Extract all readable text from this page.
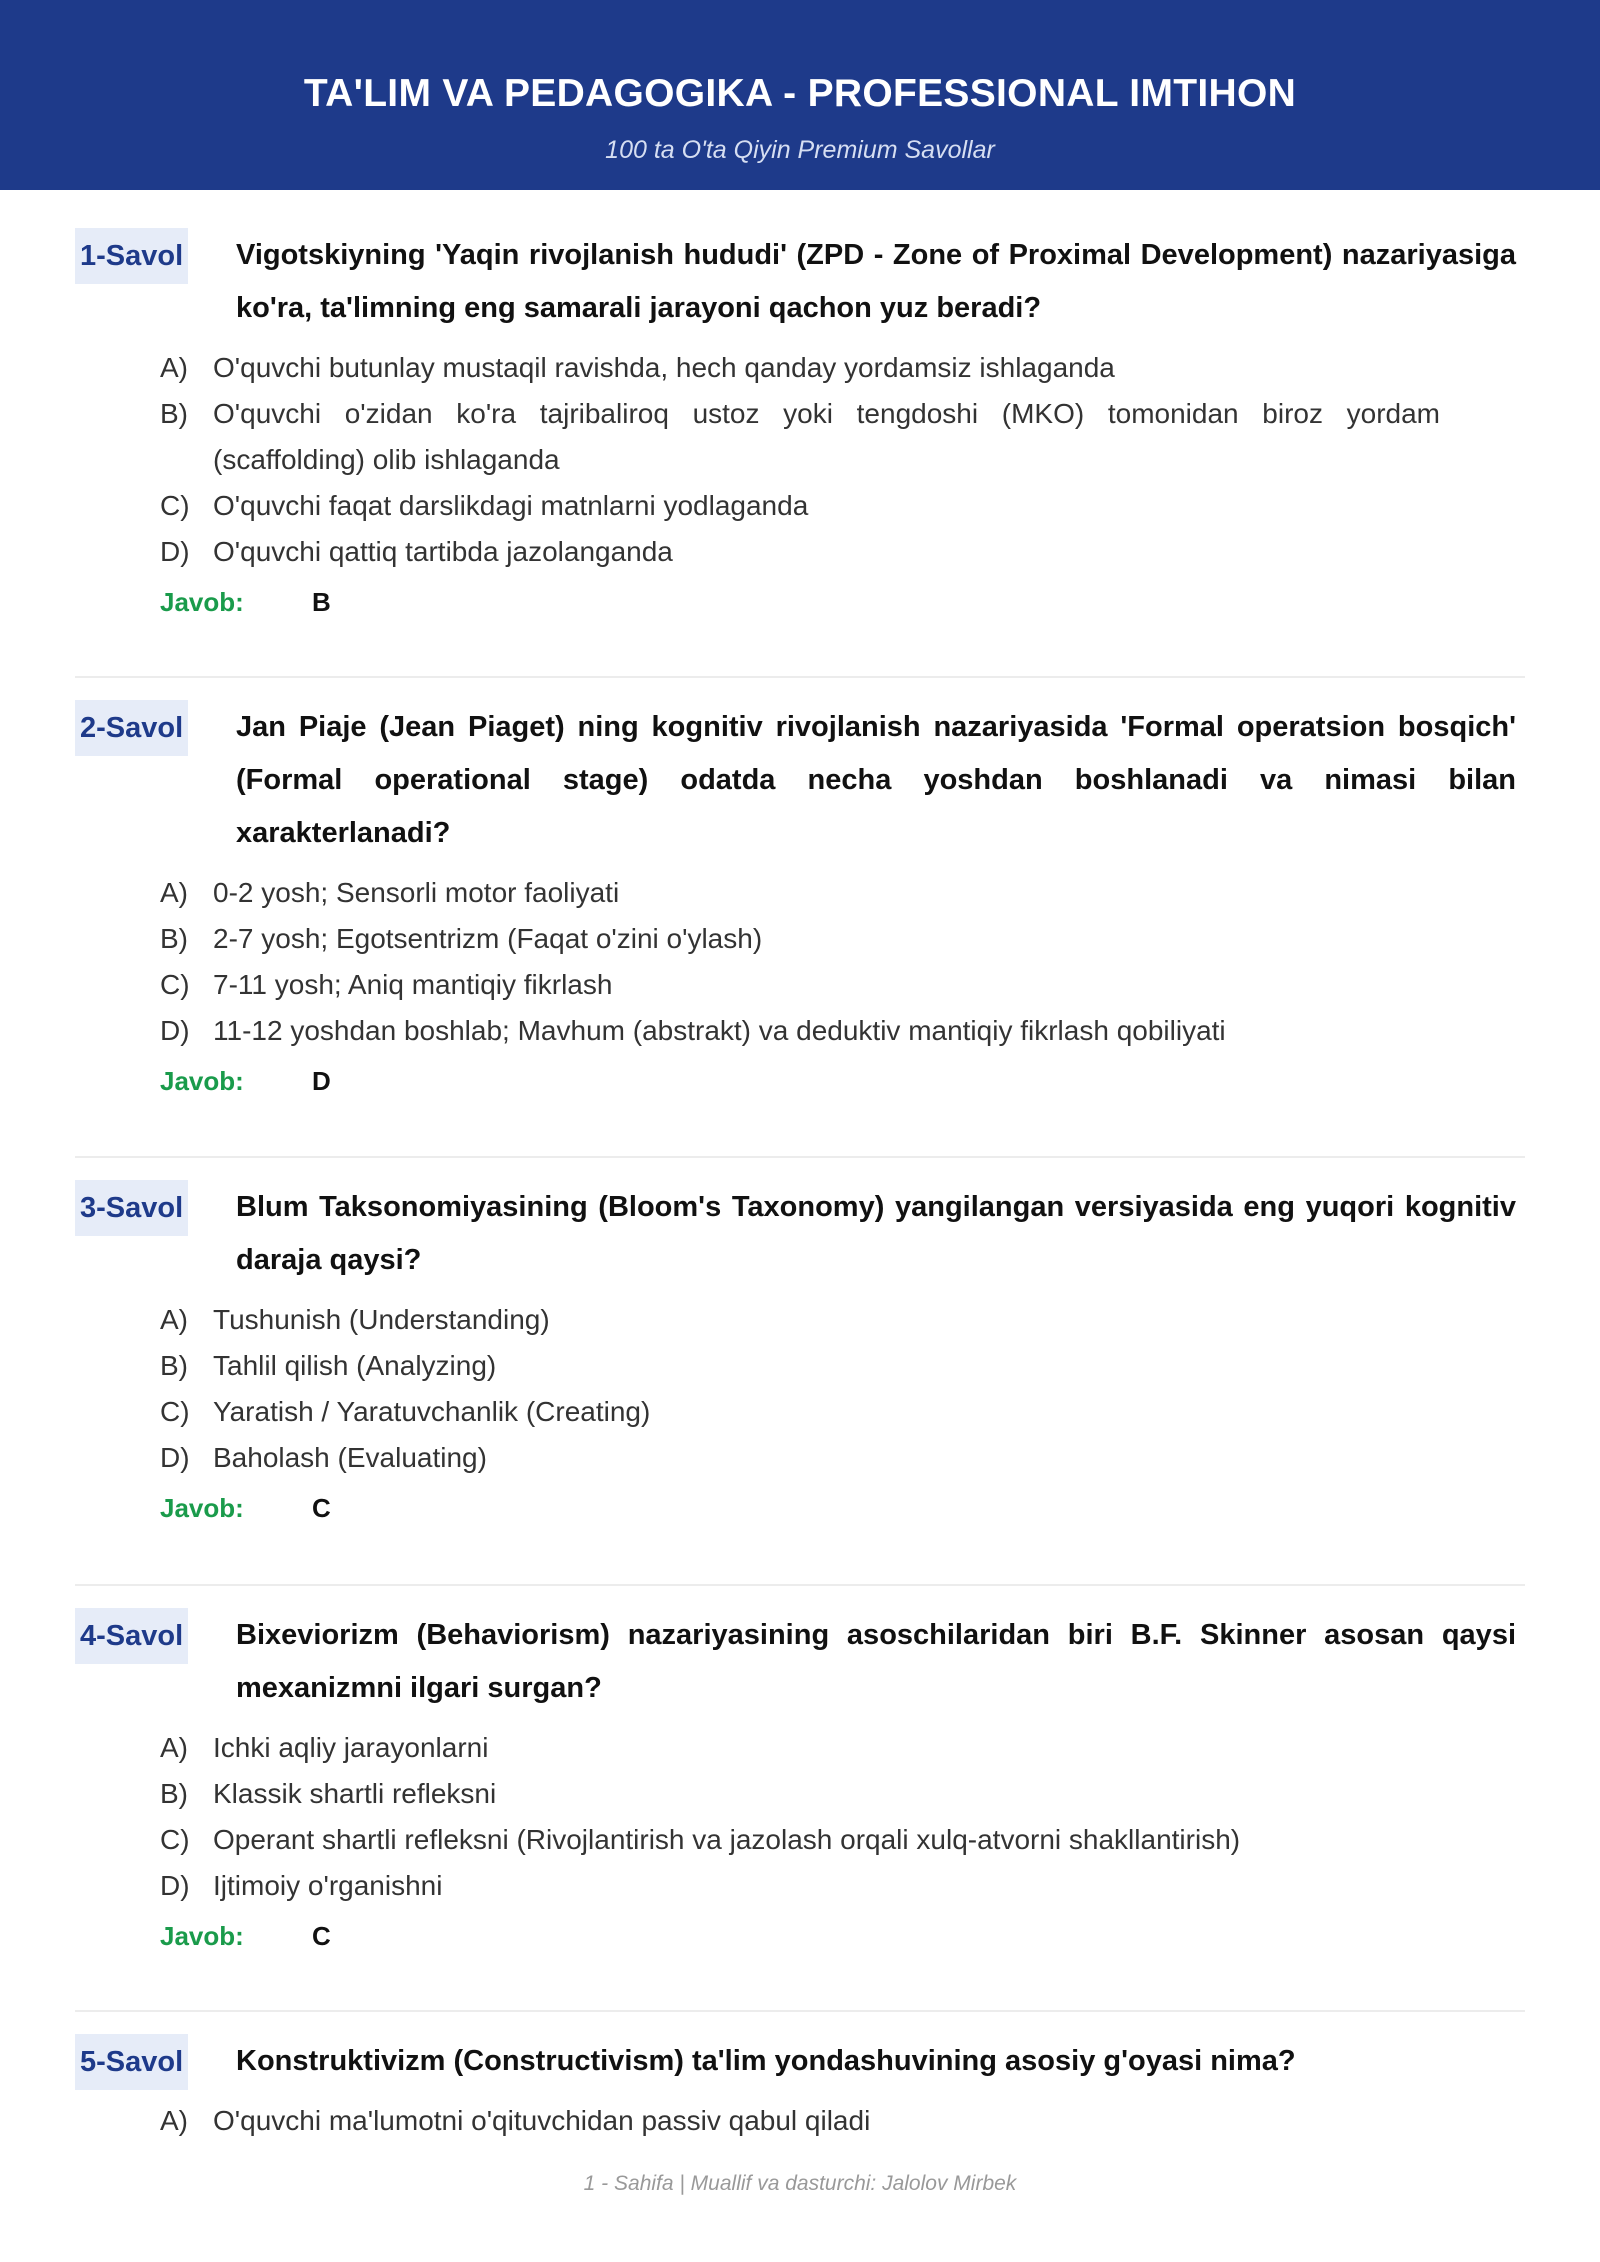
TA'LIM VA PEDAGOGIKA - PROFESSIONAL IMTIHON
100 ta O'ta Qiyin Premium Savollar
1-Savol Vigotskiyning 'Yaqin rivojlanish hududi' (ZPD - Zone of Proximal Development) nazariyasiga ko'ra, ta'limning eng samarali jarayoni qachon yuz beradi?
A) O'quvchi butunlay mustaqil ravishda, hech qanday yordamsiz ishlaganda
B) O'quvchi o'zidan ko'ra tajribaliroq ustoz yoki tengdoshi (MKO) tomonidan biroz yordam (scaffolding) olib ishlaganda
C) O'quvchi faqat darslikdagi matnlarni yodlaganda
D) O'quvchi qattiq tartibda jazolanganda
Javob:	B
2-Savol Jan Piaje (Jean Piaget) ning kognitiv rivojlanish nazariyasida 'Formal operatsion bosqich' (Formal operational stage) odatda necha yoshdan boshlanadi va nimasi bilan xarakterlanadi?
A) 0-2 yosh; Sensorli motor faoliyati
B) 2-7 yosh; Egotsentrizm (Faqat o'zini o'ylash)
C) 7-11 yosh; Aniq mantiqiy fikrlash
D) 11-12 yoshdan boshlab; Mavhum (abstrakt) va deduktiv mantiqiy fikrlash qobiliyati
Javob:	D
3-Savol Blum Taksonomiyasining (Bloom's Taxonomy) yangilangan versiyasida eng yuqori kognitiv daraja qaysi?
A) Tushunish (Understanding)
B) Tahlil qilish (Analyzing)
C) Yaratish / Yaratuvchanlik (Creating)
D) Baholash (Evaluating)
Javob:	C
4-Savol Bixeviorizm (Behaviorism) nazariyasining asoschilaridan biri B.F. Skinner asosan qaysi mexanizmni ilgari surgan?
A) Ichki aqliy jarayonlarni
B) Klassik shartli refleksni
C) Operant shartli refleksni (Rivojlantirish va jazolash orqali xulq-atvorni shakllantirish)
D) Ijtimoiy o'rganishni
Javob:	C
5-Savol Konstruktivizm (Constructivism) ta'lim yondashuvining asosiy g'oyasi nima?
A) O'quvchi ma'lumotni o'qituvchidan passiv qabul qiladi
1 - Sahifa | Muallif va dasturchi: Jalolov Mirbek
